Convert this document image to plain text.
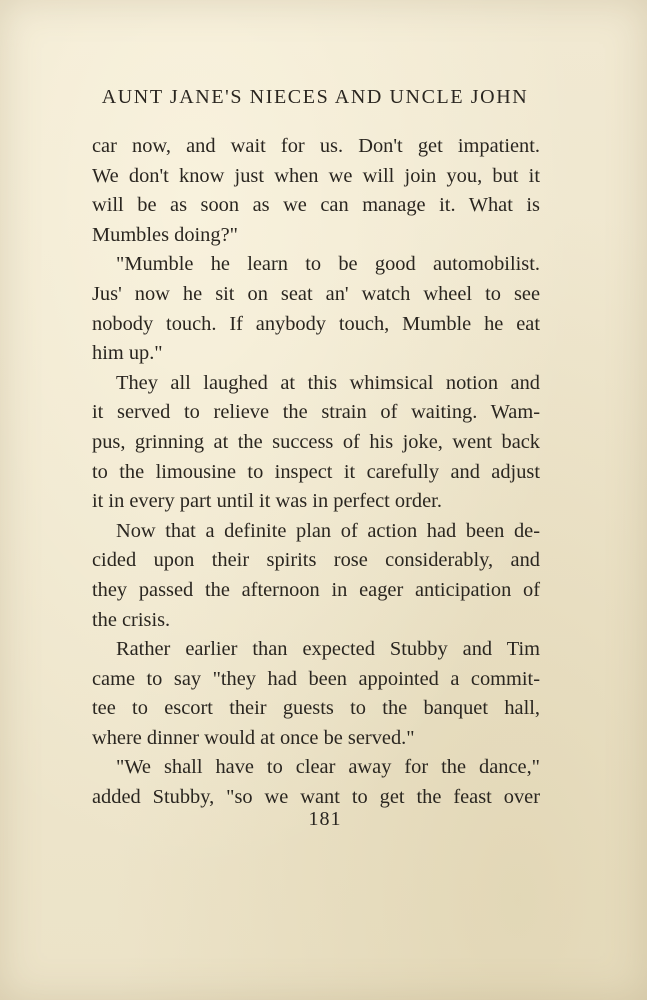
AUNT JANE'S NIECES AND UNCLE JOHN
car now, and wait for us. Don't get impatient.
We don't know just when we will join you, but it
will be as soon as we can manage it. What is
Mumbles doing?"
"Mumble he learn to be good automobilist.
Jus' now he sit on seat an' watch wheel to see
nobody touch. If anybody touch, Mumble he eat
him up."
They all laughed at this whimsical notion and
it served to relieve the strain of waiting. Wam-
pus, grinning at the success of his joke, went back
to the limousine to inspect it carefully and adjust
it in every part until it was in perfect order.
Now that a definite plan of action had been de-
cided upon their spirits rose considerably, and
they passed the afternoon in eager anticipation of
the crisis.
Rather earlier than expected Stubby and Tim
came to say "they had been appointed a commit-
tee to escort their guests to the banquet hall,
where dinner would at once be served."
"We shall have to clear away for the dance,"
added Stubby, "so we want to get the feast over
181
